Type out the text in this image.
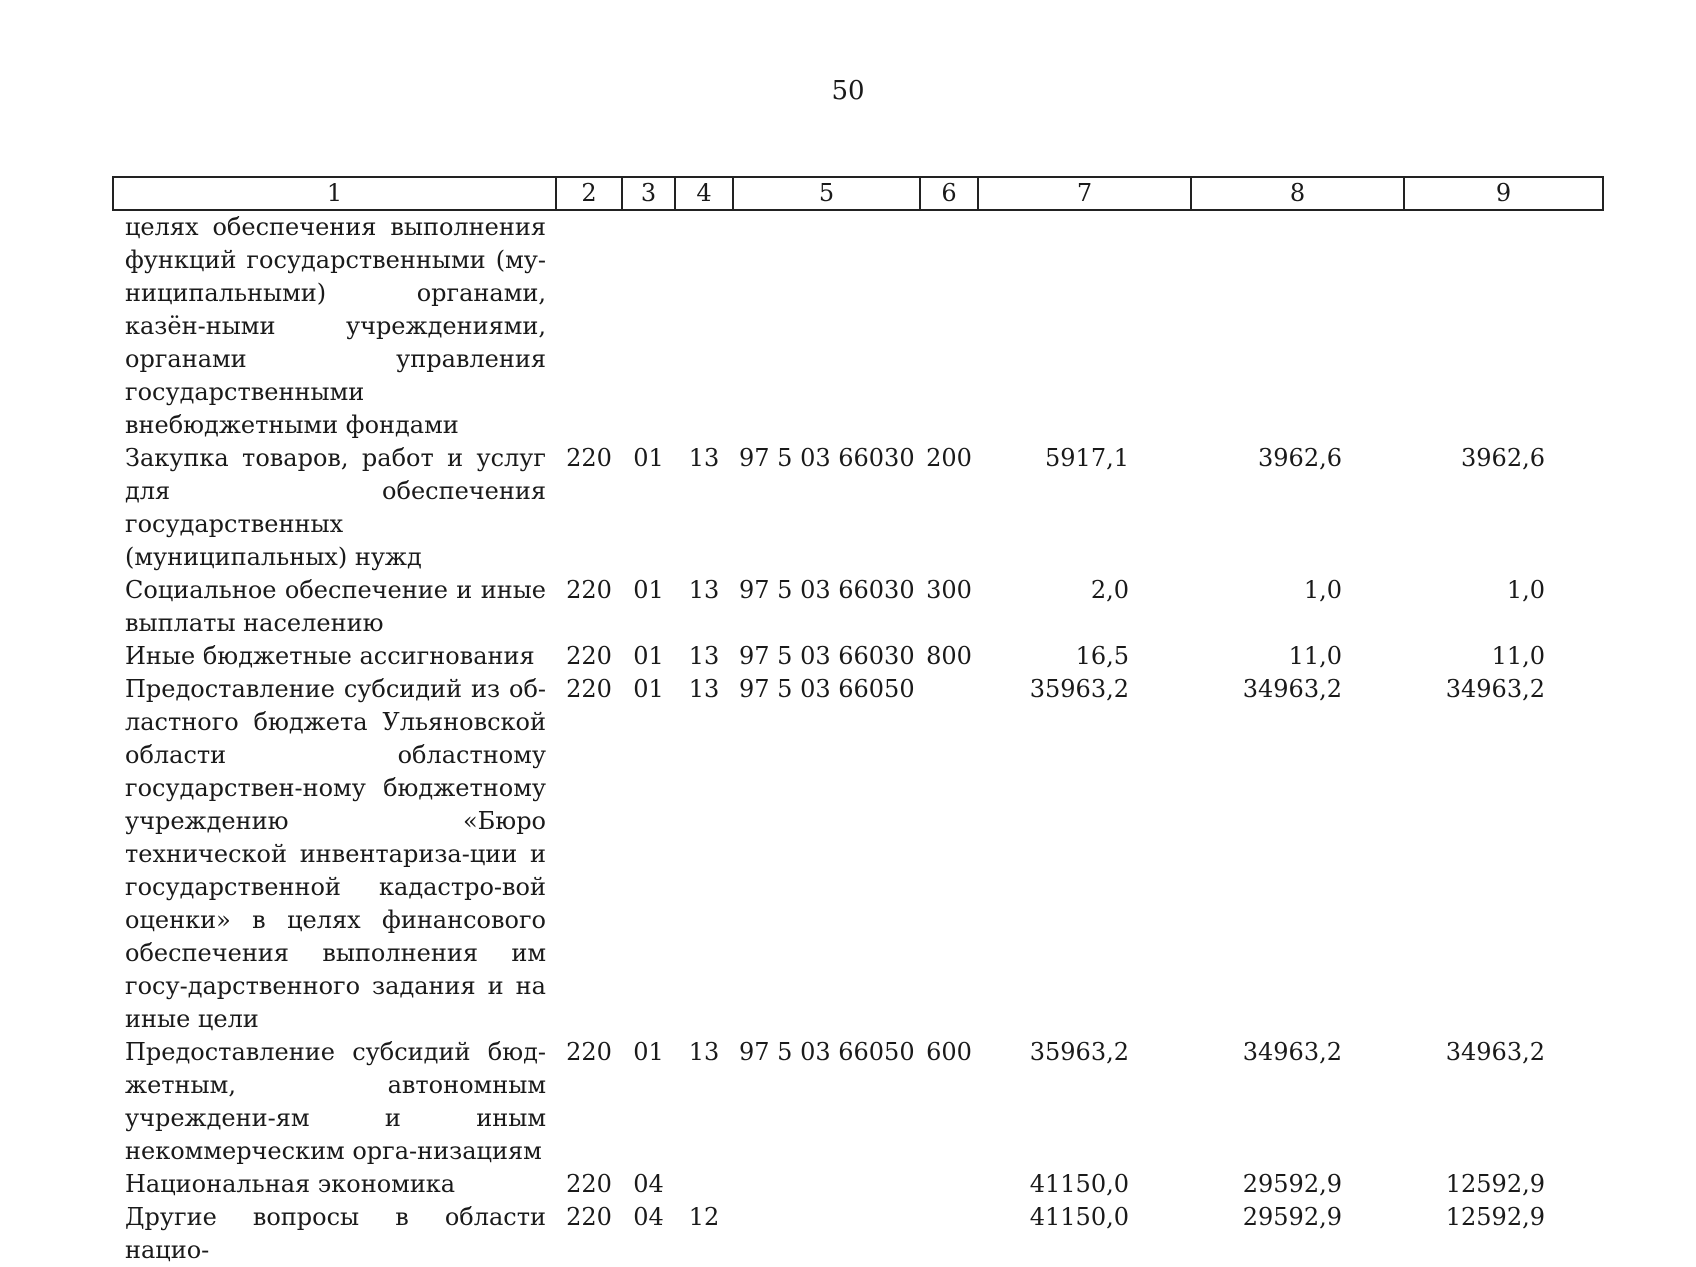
50
1	2	3	4	5	6	7	8	9
целях обеспечения выполнения функций государственными (му-ниципальными) органами, казён-ными учреждениями, органами управления государственными внебюджетными фондами								
Закупка товаров, работ и услуг для обеспечения государственных (муниципальных) нужд	220	01	13	97 5 03 66030	200	5917,1	3962,6	3962,6
Социальное обеспечение и иные выплаты населению	220	01	13	97 5 03 66030	300	2,0	1,0	1,0
Иные бюджетные ассигнования	220	01	13	97 5 03 66030	800	16,5	11,0	11,0
Предоставление субсидий из об-ластного бюджета Ульяновской области областному государствен-ному бюджетному учреждению «Бюро технической инвентаризa-ции и государственной кадастро-вой оценки» в целях финансового обеспечения выполнения им госу-дарственного задания и на иные цели	220	01	13	97 5 03 66050		35963,2	34963,2	34963,2
Предоставление субсидий бюд-жетным, автономным учреждени-ям и иным некоммерческим орга-низациям	220	01	13	97 5 03 66050	600	35963,2	34963,2	34963,2
Национальная экономика	220	04				41150,0	29592,9	12592,9
Другие вопросы в области нацио-	220	04	12			41150,0	29592,9	12592,9
